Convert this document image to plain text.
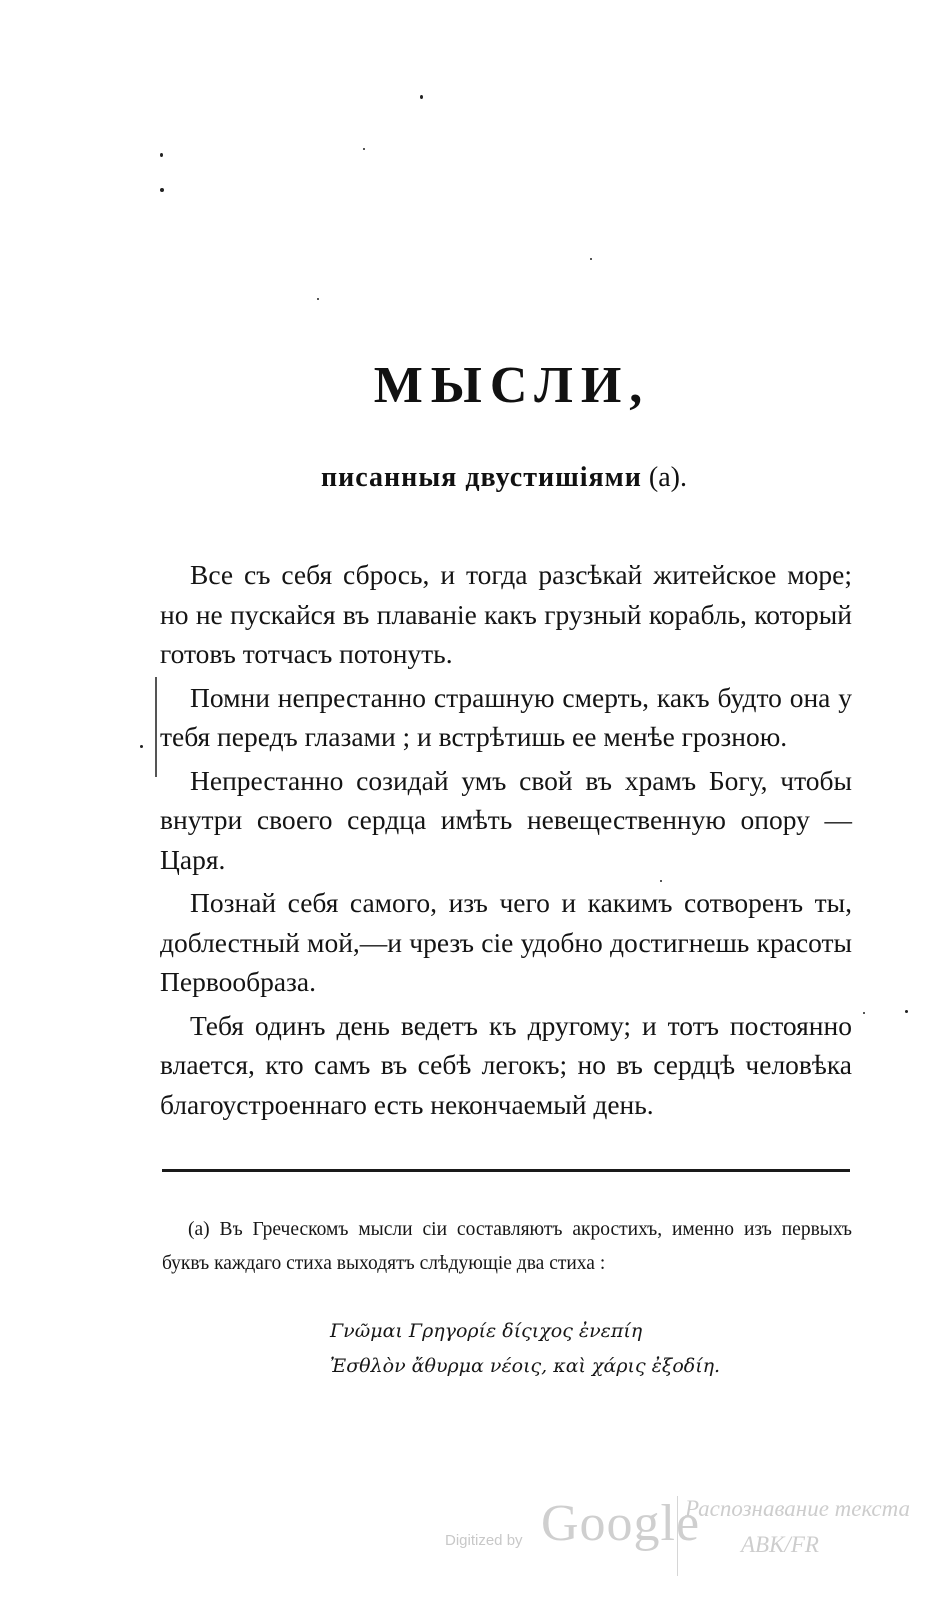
МЫСЛИ,
писанныя двустишіями (а).

Все съ себя сбрось, и тогда разсѣкай житейское море; но не пускайся въ плаваніе какъ грузный корабль, который готовъ тотчасъ потонуть.

Помни непрестанно страшную смерть, какъ будто она у тебя передъ глазами ; и встрѣтишь ее менѣе грозною.

Непрестанно созидай умъ свой въ храмъ Богу, чтобы внутри своего сердца имѣть невещественную опору — Царя.

Познай себя самого, изъ чего и какимъ сотворенъ ты, доблестный мой,—и чрезъ сіе удобно достигнешь красоты Первообраза.

Тебя одинъ день ведетъ къ другому; и тотъ постоянно влается, кто самъ въ себѣ легокъ; но въ сердцѣ человѣка благоустроеннаго есть некончаемый день.

(а) Въ Греческомъ мысли сіи составляютъ акростихъ, именно изъ первыхъ буквъ каждаго стиха выходятъ слѣдующіе два стиха :
Γνῶμαι Γρηγορίε δίςιχος ἐνεπίη
Ἐσθλὸν ἄθυρμα νέοις, καὶ χάρις ἐξοδίη.
Digitized by Google
Распознавание текста
ABK/FR
